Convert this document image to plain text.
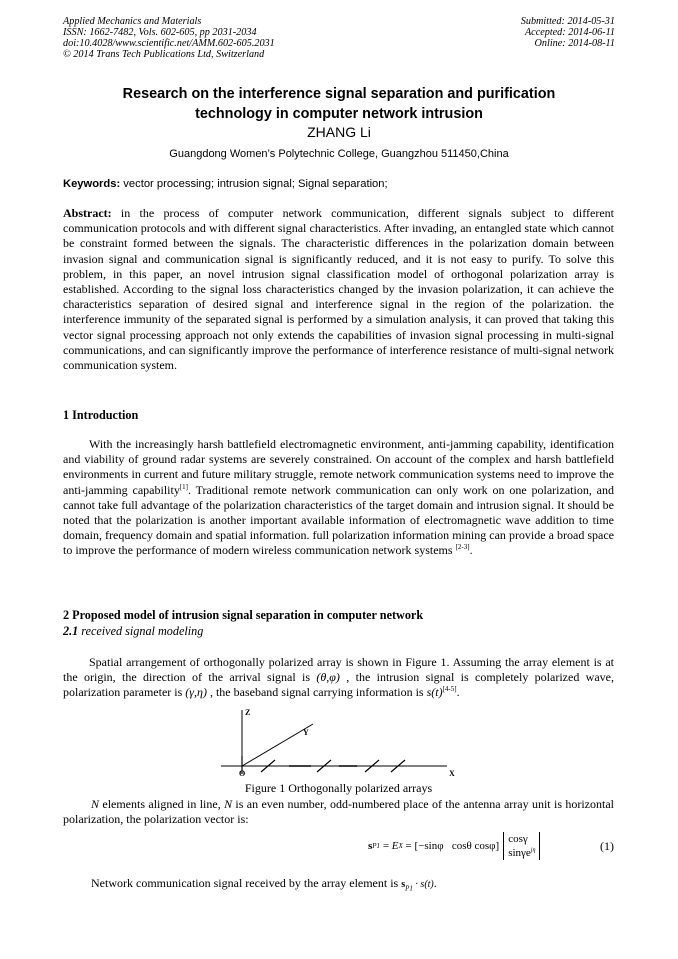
Applied Mechanics and Materials
ISSN: 1662-7482, Vols. 602-605, pp 2031-2034
doi:10.4028/www.scientific.net/AMM.602-605.2031
© 2014 Trans Tech Publications Ltd, Switzerland
Submitted: 2014-05-31
Accepted: 2014-06-11
Online: 2014-08-11
Research on the interference signal separation and purification
technology in computer network intrusion
ZHANG Li
Guangdong Women’s Polytechnic College, Guangzhou 511450,China
Keywords: vector processing; intrusion signal; Signal separation;
Abstract: in the process of computer network communication, different signals subject to different communication protocols and with different signal characteristics. After invading, an entangled state which cannot be constraint formed between the signals. The characteristic differences in the polarization domain between invasion signal and communication signal is significantly reduced, and it is not easy to purify. To solve this problem, in this paper, an novel intrusion signal classification model of orthogonal polarization array is established. According to the signal loss characteristics changed by the invasion polarization, it can achieve the characteristics separation of desired signal and interference signal in the region of the polarization. the interference immunity of the separated signal is performed by a simulation analysis, it can proved that taking this vector signal processing approach not only extends the capabilities of invasion signal processing in multi-signal communications, and can significantly improve the performance of interference resistance of multi-signal network communication system.
1 Introduction
With the increasingly harsh battlefield electromagnetic environment, anti-jamming capability, identification and viability of ground radar systems are severely constrained. On account of the complex and harsh battlefield environments in current and future military struggle, remote network communication systems need to improve the anti-jamming capability[1]. Traditional remote network communication can only work on one polarization, and cannot take full advantage of the polarization characteristics of the target domain and intrusion signal. It should be noted that the polarization is another important available information of electromagnetic wave addition to time domain, frequency domain and spatial information. full polarization information mining can provide a broad space to improve the performance of modern wireless communication network systems [2-3].
2 Proposed model of intrusion signal separation in computer network
2.1 received signal modeling
Spatial arrangement of orthogonally polarized array is shown in Figure 1. Assuming the array element is at the origin, the direction of the arrival signal is (θ,φ) , the intrusion signal is completely polarized wave, polarization parameter is (γ,η) , the baseband signal carrying information is s(t)[4-5].
Z
Y
X
O
Figure 1 Orthogonally polarized arrays
N elements aligned in line, N is an even number, odd-numbered place of the antenna array unit is horizontal polarization, the polarization vector is:
s P1 = E X = [−sinφ   cosθ cosφ]
cosγ
sinγe$^{j\eta}$	(1)
Network communication signal received by the array element is $s_{P1} \cdot s(t)$.
